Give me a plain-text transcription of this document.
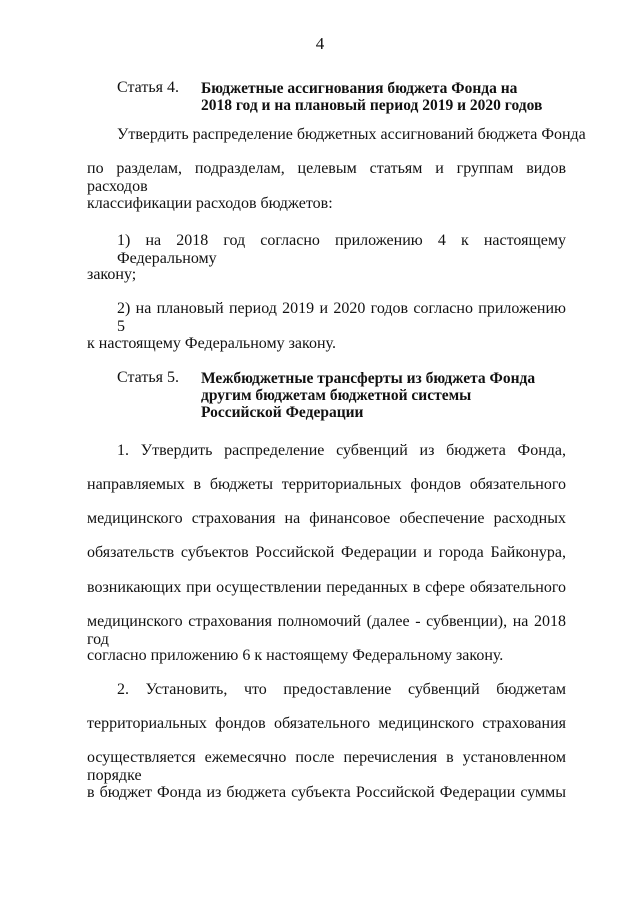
4
Статья 4. Бюджетные ассигнования бюджета Фонда на
2018 год и на плановый период 2019 и 2020 годов
Утвердить распределение бюджетных ассигнований бюджета Фонда
по разделам, подразделам, целевым статьям и группам видов расходов
классификации расходов бюджетов:
1) на 2018 год согласно приложению 4 к настоящему Федеральному
закону;
2) на плановый период 2019 и 2020 годов согласно приложению 5
к настоящему Федеральному закону.
Статья 5. Межбюджетные трансферты из бюджета Фонда
другим бюджетам бюджетной системы
Российской Федерации
1. Утвердить распределение субвенций из бюджета Фонда,
направляемых в бюджеты территориальных фондов обязательного
медицинского страхования на финансовое обеспечение расходных
обязательств субъектов Российской Федерации и города Байконура,
возникающих при осуществлении переданных в сфере обязательного
медицинского страхования полномочий (далее - субвенции), на 2018 год
согласно приложению 6 к настоящему Федеральному закону.
2. Установить, что предоставление субвенций бюджетам
территориальных фондов обязательного медицинского страхования
осуществляется ежемесячно после перечисления в установленном порядке
в бюджет Фонда из бюджета субъекта Российской Федерации суммы
